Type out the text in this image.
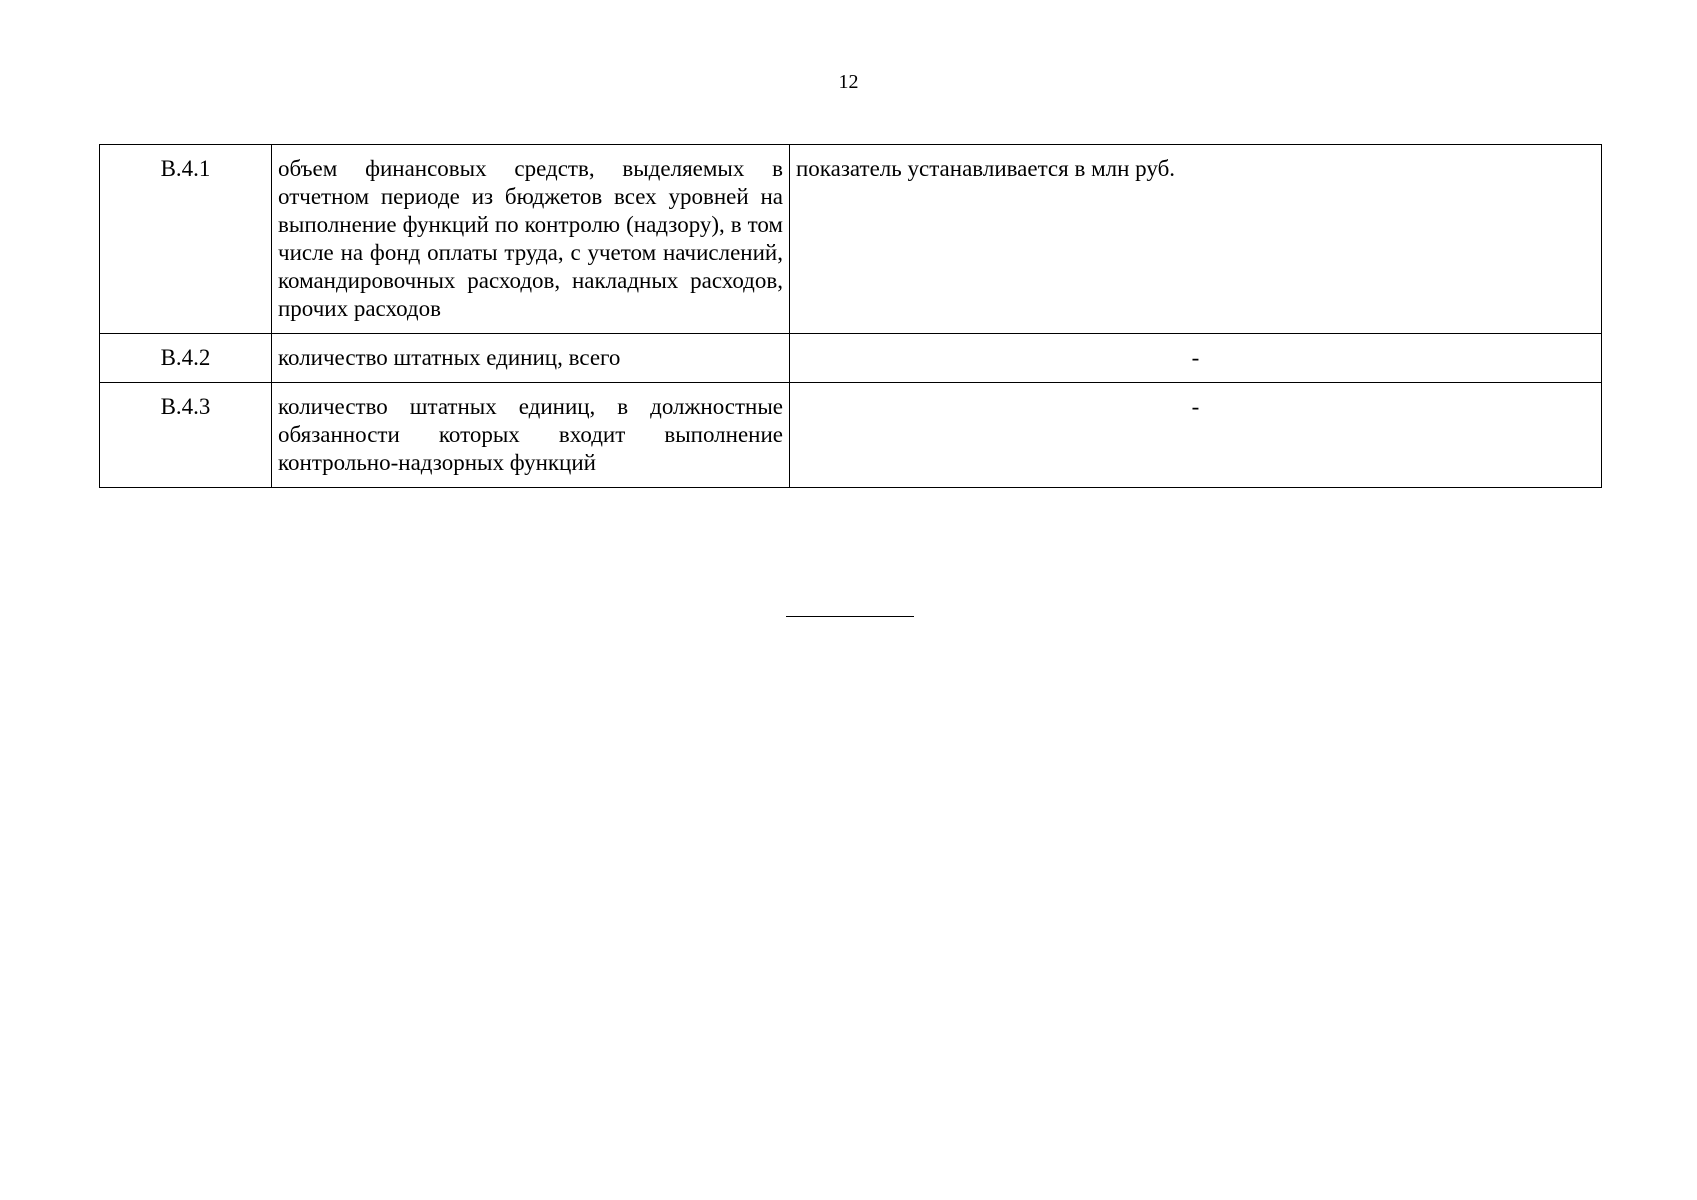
12
В.4.1	объем финансовых средств, выделяемых в отчетном периоде из бюджетов всех уровней на выполнение функций по контролю (надзору), в том числе на фонд оплаты труда, с учетом начислений, командировочных расходов, накладных расходов, прочих расходов	показатель устанавливается в млн руб.
В.4.2	количество штатных единиц, всего	-
В.4.3	количество штатных единиц, в должностные обязанности которых входит выполнение контрольно-надзорных функций	-
